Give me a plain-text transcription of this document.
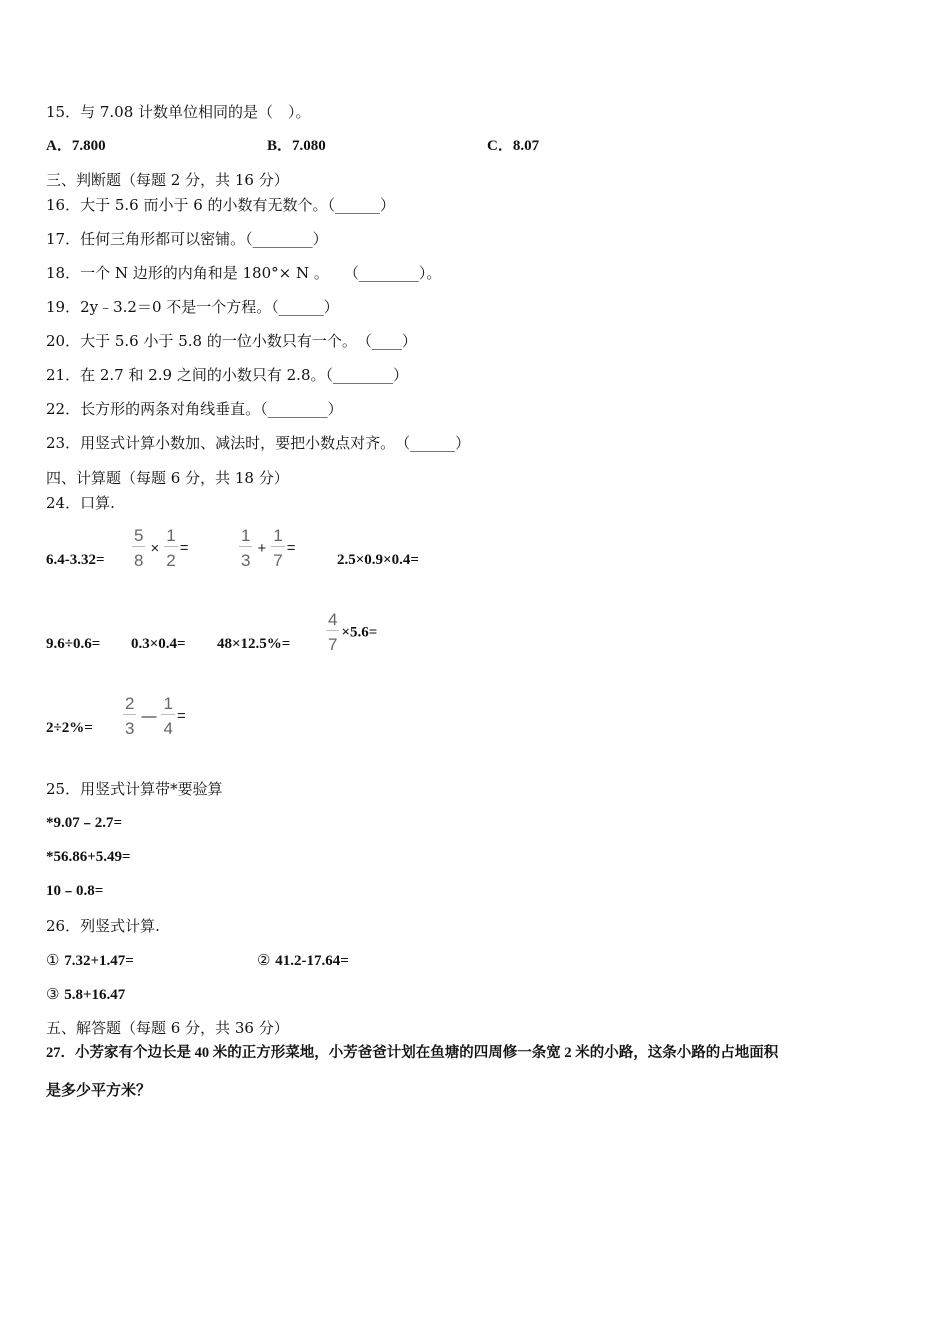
15．与 7.08 计数单位相同的是（　）。
A．7.800	B．7.080	C．8.07
三、判断题（每题 2 分，共 16 分）
16．大于 5.6 而小于 6 的小数有无数个。（______）
17．任何三角形都可以密铺。（________）
18．一个 N 边形的内角和是 180°× N 。　　（________）。
19．2y﹣3.2＝0 不是一个方程。（______）
20．大于 5.6 小于 5.8 的一位小数只有一个。　（____）
21．在 2.7 和 2.9 之间的小数只有 2.8。（________）
22．长方形的两条对角线垂直。（________）
23．用竖式计算小数加、减法时，要把小数点对齐。　（______）
四、计算题（每题 6 分，共 18 分）
24．口算.
$6.4-3.32= \frac{5}{8} \times \frac{1}{2}$ =	$\frac{1}{3} + \frac{1}{7}$ =
2.5×0.9×0.4=
$9.6\div 0.6= 0.3\times 0.4= 48\times 12.5\%= \frac{4}{7} \times 5.6=$
$2\div 2\%= \frac{2}{3}$ — $\frac{1}{4}$ =
25．用竖式计算带*要验算
*9.07﹣2.7=
*56.86+5.49=
10﹣0.8=
26．列竖式计算.
① 7.32+1.47=	② 41.2-17.64=
③ 5.8+16.47
五、解答题（每题 6 分，共 36 分）
27．小芳家有个边长是 40 米的正方形菜地，小芳爸爸计划在鱼塘的四周修一条宽 2 米的小路，这条小路的占地面积
是多少平方米？
